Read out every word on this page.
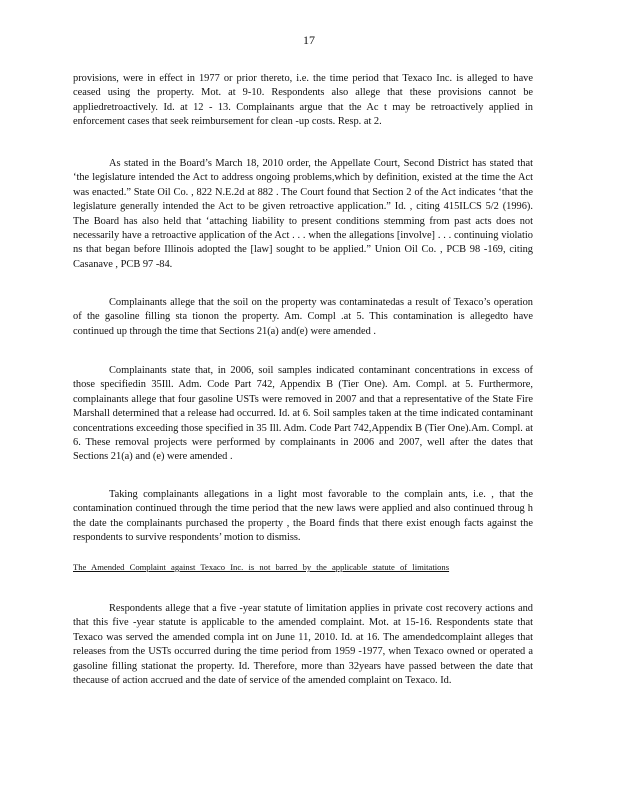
17

provisions, were in effect in 1977 or prior thereto, i.e. the time period that Texaco Inc. is alleged to have ceased using the property. Mot. at 9-10. Respondents also allege that these provisions cannot be appliedretroactively. Id. at 12 - 13. Complainants argue that the Ac t may be retroactively applied in enforcement cases that seek reimbursement for clean -up costs. Resp. at 2.

As stated in the Board’s March 18, 2010 order, the Appellate Court, Second District has stated that ‘the legislature intended the Act to address ongoing problems,which by definition, existed at the time the Act was enacted.” State Oil Co. , 822 N.E.2d at 882 . The Court found that Section 2 of the Act indicates ‘that the legislature generally intended the Act to be given retroactive application.” Id. , citing 415ILCS 5/2 (1996). The Board has also held that ‘attaching liability to present conditions stemming from past acts does not necessarily have a retroactive application of the Act . . . when the allegations [involve] . . . continuing violatio ns that began before Illinois adopted the [law] sought to be applied.” Union Oil Co. , PCB 98 -169, citing Casanave , PCB 97 -84.

Complainants allege that the soil on the property was contaminatedas a result of Texaco’s operation of the gasoline filling sta tionon the property. Am. Compl .at 5. This contamination is allegedto have continued up through the time that Sections 21(a) and(e) were amended .

Complainants state that, in 2006, soil samples indicated contaminant concentrations in excess of those specifiedin 35Ill. Adm. Code Part 742, Appendix B (Tier One). Am. Compl. at 5. Furthermore, complainants allege that four gasoline USTs were removed in 2007 and that a representative of the State Fire Marshall determined that a release had occurred. Id. at 6. Soil samples taken at the time indicated contaminant concentrations exceeding those specified in 35 Ill. Adm. Code Part 742,Appendix B (Tier One).Am. Compl. at 6. These removal projects were performed by complainants in 2006 and 2007, well after the dates that Sections 21(a) and (e) were amended .

Taking complainants allegations in a light most favorable to the complain ants, i.e. , that the contamination continued through the time period that the new laws were applied and also continued throug h the date the complainants purchased the property , the Board finds that there exist enough facts against the respondents to survive respondents’ motion to dismiss.

The Amended Complaint against Texaco Inc. is not barred by the applicable statute of limitations

Respondents allege that a five -year statute of limitation applies in private cost recovery actions and that this five -year statute is applicable to the amended complaint. Mot. at 15-16. Respondents state that Texaco was served the amended compla int on June 11, 2010. Id. at 16. The amendedcomplaint alleges that releases from the USTs occurred during the time period from 1959 -1977, when Texaco owned or operated a gasoline filling stationat the property. Id. Therefore, more than 32years have passed between the date that thecause of action accrued and the date of service of the amended complaint on Texaco. Id.
